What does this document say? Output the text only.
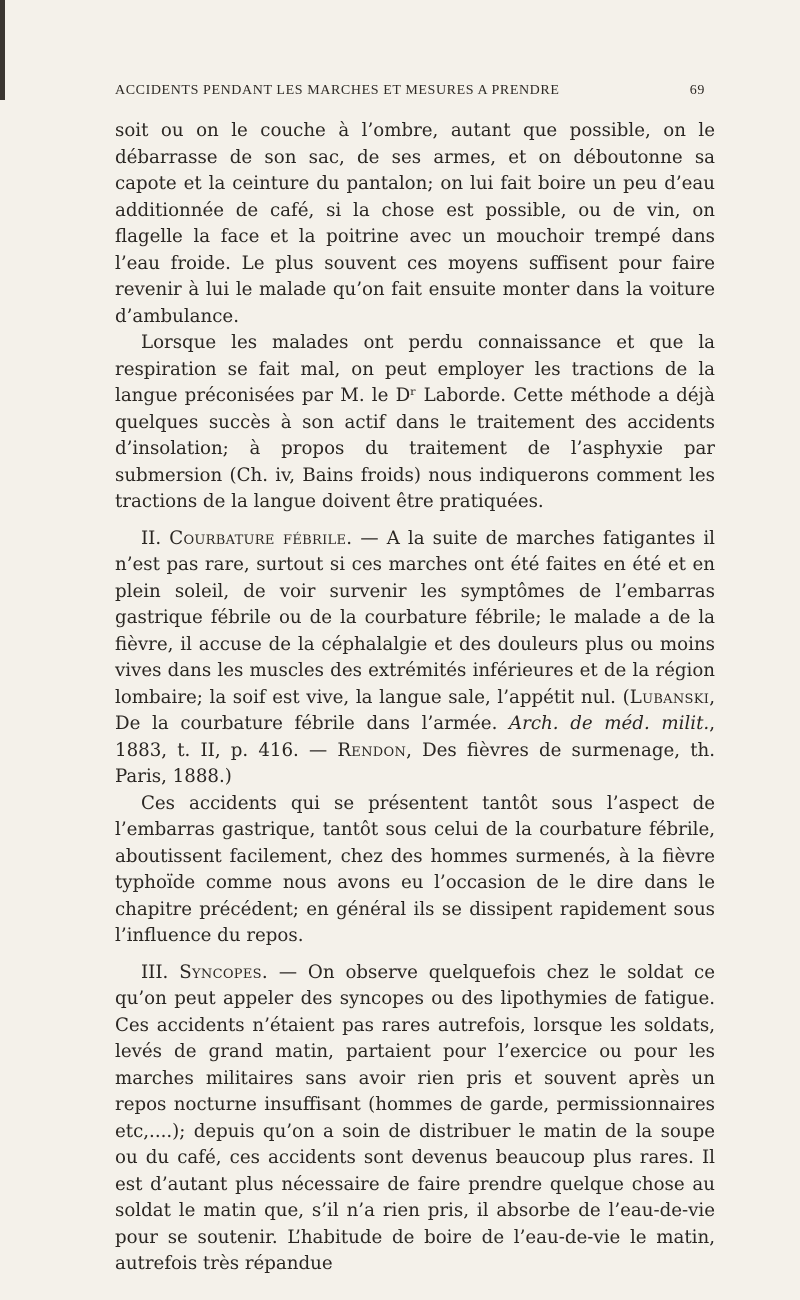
ACCIDENTS PENDANT LES MARCHES ET MESURES A PRENDRE	69

soit ou on le couche à l’ombre, autant que possible, on le débarrasse de son sac, de ses armes, et on déboutonne sa capote et la ceinture du pantalon; on lui fait boire un peu d’eau additionnée de café, si la chose est possible, ou de vin, on flagelle la face et la poitrine avec un mouchoir trempé dans l’eau froide. Le plus souvent ces moyens suffisent pour faire revenir à lui le malade qu’on fait ensuite monter dans la voiture d’ambulance.

Lorsque les malades ont perdu connaissance et que la respiration se fait mal, on peut employer les tractions de la langue préconisées par M. le Dʳ Laborde. Cette méthode a déjà quelques succès à son actif dans le traitement des accidents d’insolation; à propos du traitement de l’asphyxie par submersion (Ch. iv, Bains froids) nous indiquerons comment les tractions de la langue doivent être pratiquées.

II. Courbature fébrile. — A la suite de marches fatigantes il n’est pas rare, surtout si ces marches ont été faites en été et en plein soleil, de voir survenir les symptômes de l’embarras gastrique fébrile ou de la courbature fébrile; le malade a de la fièvre, il accuse de la céphalalgie et des douleurs plus ou moins vives dans les muscles des extrémités inférieures et de la région lombaire; la soif est vive, la langue sale, l’appétit nul. (Lubanski, De la courbature fébrile dans l’armée. Arch. de méd. milit., 1883, t. II, p. 416. — Rendon, Des fièvres de surmenage, th. Paris, 1888.)

Ces accidents qui se présentent tantôt sous l’aspect de l’embarras gastrique, tantôt sous celui de la courbature fébrile, aboutissent facilement, chez des hommes surmenés, à la fièvre typhoïde comme nous avons eu l’occasion de le dire dans le chapitre précédent; en général ils se dissipent rapidement sous l’influence du repos.

III. Syncopes. — On observe quelquefois chez le soldat ce qu’on peut appeler des syncopes ou des lipothymies de fatigue. Ces accidents n’étaient pas rares autrefois, lorsque les soldats, levés de grand matin, partaient pour l’exercice ou pour les marches militaires sans avoir rien pris et souvent après un repos nocturne insuffisant (hommes de garde, permissionnaires etc,....); depuis qu’on a soin de distribuer le matin de la soupe ou du café, ces accidents sont devenus beaucoup plus rares. Il est d’autant plus nécessaire de faire prendre quelque chose au soldat le matin que, s’il n’a rien pris, il absorbe de l’eau-de-vie pour se soutenir. L’habitude de boire de l’eau-de-vie le matin, autrefois très répandue
